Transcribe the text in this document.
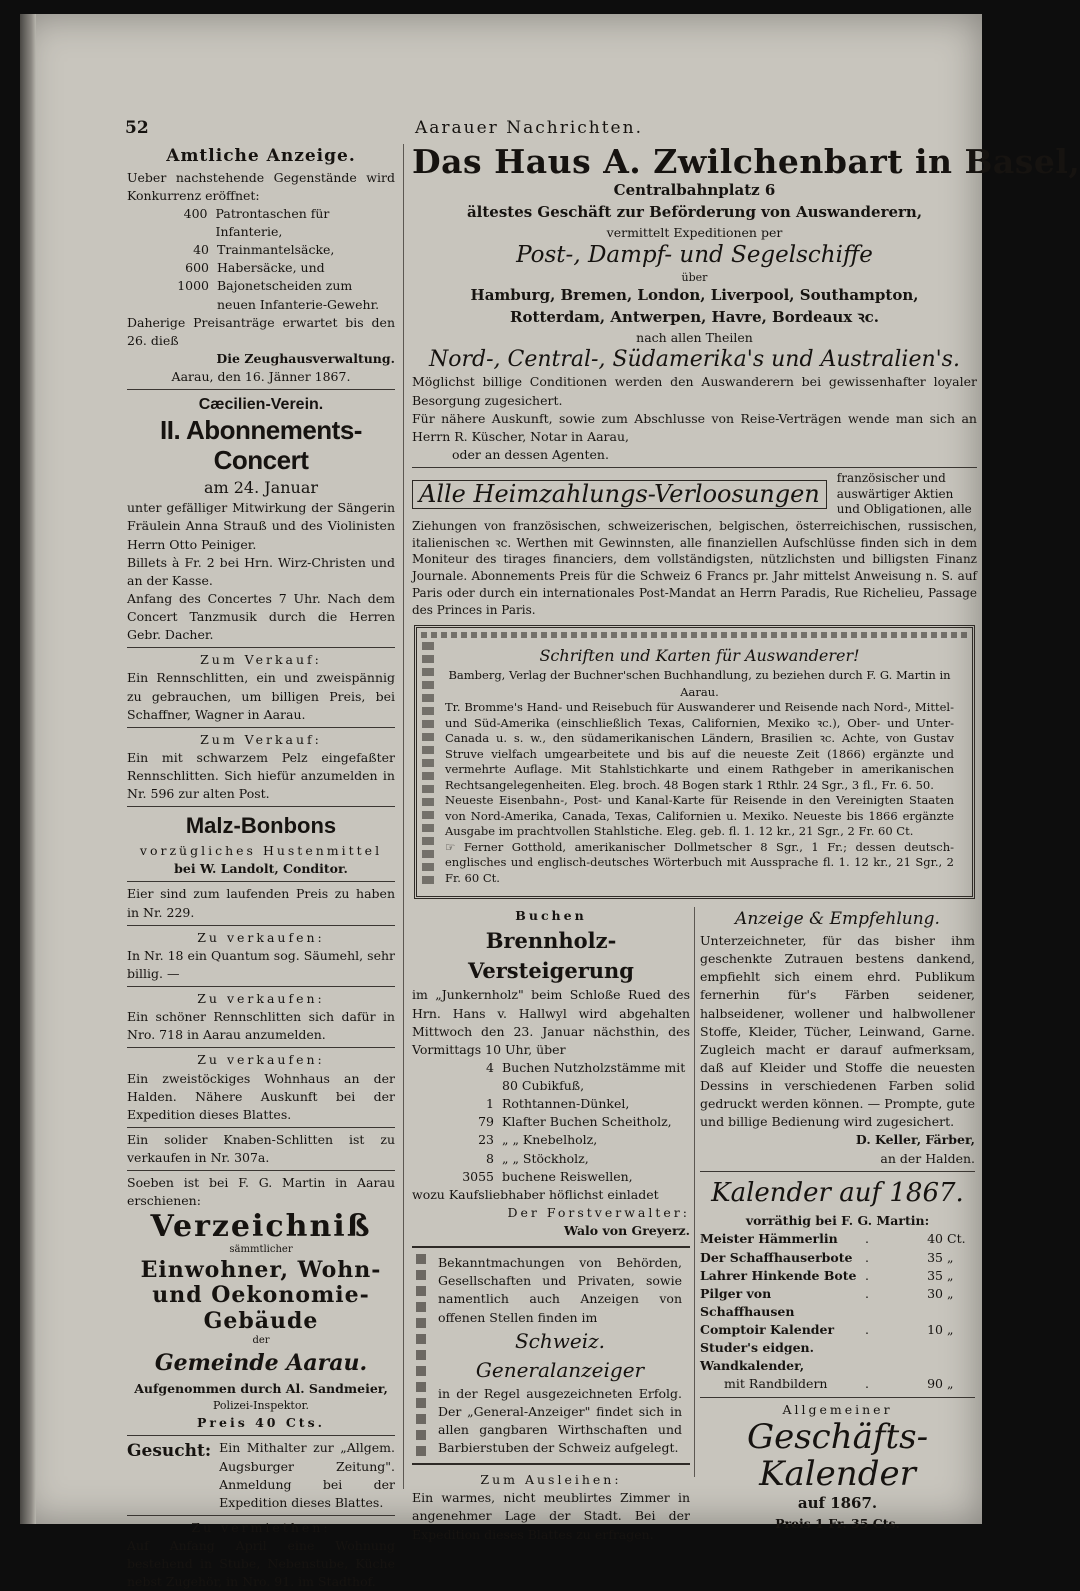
52	Aarauer Nachrichten.
Amtliche Anzeige.
Ueber nachstehende Gegenstände wird Konkurrenz eröffnet:
400 Patrontaschen für Infanterie,
40 Trainmantelsäcke,
600 Habersäcke, und
1000 Bajonetscheiden zum neuen Infanterie-Gewehr.
Daherige Preisanträge erwartet bis den 26. dieß
Die Zeughausverwaltung.
Aarau, den 16. Jänner 1867.
Cæcilien-Verein.
II. Abonnements-Concert
am 24. Januar
unter gefälliger Mitwirkung der Sängerin Fräulein Anna Strauß und des Violinisten Herrn Otto Peiniger.
Billets à Fr. 2 bei Hrn. Wirz-Christen und an der Kasse.
Anfang des Concertes 7 Uhr. Nach dem Concert Tanzmusik durch die Herren Gebr. Dacher.
Zum Verkauf:
Ein Rennschlitten, ein und zweispännig zu gebrauchen, um billigen Preis, bei Schaffner, Wagner in Aarau.
Zum Verkauf:
Ein mit schwarzem Pelz eingefaßter Rennschlitten. Sich hiefür anzumelden in Nr. 596 zur alten Post.
Malz-Bonbons
vorzügliches Hustenmittel
bei W. Landolt, Conditor.
Eier sind zum laufenden Preis zu haben in Nr. 229.
Zu verkaufen:
In Nr. 18 ein Quantum sog. Säumehl, sehr billig. —
Zu verkaufen:
Ein schöner Rennschlitten sich dafür in Nro. 718 in Aarau anzumelden.
Zu verkaufen:
Ein zweistöckiges Wohnhaus an der Halden. Nähere Auskunft bei der Expedition dieses Blattes.
Ein solider Knaben-Schlitten ist zu verkaufen in Nr. 307a.
Soeben ist bei F. G. Martin in Aarau erschienen:
Verzeichniß
sämmtlicher
Einwohner, Wohn- und Oekonomie-Gebäude
der
Gemeinde Aarau.
Aufgenommen durch Al. Sandmeier,
Polizei-Inspektor.
Preis 40 Cts.
Gesucht: Ein Mithalter zur „Allgem. Augsburger Zeitung". Anmeldung bei der Expedition dieses Blattes.
Zu vermiethen:
Auf Anfang April eine Wohnung bestehend in Stube, Nebenstube, Küche nebst Zugehör, in Nro. 91. im Stadthof.
Das Haus A. Zwilchenbart in Basel,
Centralbahnplatz 6
ältestes Geschäft zur Beförderung von Auswanderern,
vermittelt Expeditionen per
Post-, Dampf- und Segelschiffe
über
Hamburg, Bremen, London, Liverpool, Southampton,
Rotterdam, Antwerpen, Havre, Bordeaux ꝛc.
nach allen Theilen
Nord-, Central-, Südamerika's und Australien's.
Möglichst billige Conditionen werden den Auswanderern bei gewissenhafter loyaler Besorgung zugesichert.
Für nähere Auskunft, sowie zum Abschlusse von Reise-Verträgen wende man sich an Herrn R. Küscher, Notar in Aarau,
oder an dessen Agenten.
Alle Heimzahlungs-Verloosungen
französischer und auswärtiger Aktien und Obligationen, alle
Ziehungen von französischen, schweizerischen, belgischen, österreichischen, russischen, italienischen ꝛc. Werthen mit Gewinnsten, alle finanziellen Aufschlüsse finden sich in dem Moniteur des tirages financiers, dem vollständigsten, nützlichsten und billigsten Finanz Journale. Abonnements Preis für die Schweiz 6 Francs pr. Jahr mittelst Anweisung n. S. auf Paris oder durch ein internationales Post-Mandat an Herrn Paradis, Rue Richelieu, Passage des Princes in Paris.
Schriften und Karten für Auswanderer!
Bamberg, Verlag der Buchner'schen Buchhandlung, zu beziehen durch F. G. Martin in Aarau.
Tr. Bromme's Hand- und Reisebuch für Auswanderer und Reisende nach Nord-, Mittel- und Süd-Amerika (einschließlich Texas, Californien, Mexiko ꝛc.), Ober- und Unter-Canada u. s. w., den südamerikanischen Ländern, Brasilien ꝛc. Achte, von Gustav Struve vielfach umgearbeitete und bis auf die neueste Zeit (1866) ergänzte und vermehrte Auflage. Mit Stahlstichkarte und einem Rathgeber in amerikanischen Rechtsangelegenheiten. Eleg. broch. 48 Bogen stark 1 Rthlr. 24 Sgr., 3 fl., Fr. 6. 50.
Neueste Eisenbahn-, Post- und Kanal-Karte für Reisende in den Vereinigten Staaten von Nord-Amerika, Canada, Texas, Californien u. Mexiko. Neueste bis 1866 ergänzte Ausgabe im prachtvollen Stahlstiche. Eleg. geb. fl. 1. 12 kr., 21 Sgr., 2 Fr. 60 Ct.
☞ Ferner Gotthold, amerikanischer Dollmetscher 8 Sgr., 1 Fr.; dessen deutsch-englisches und englisch-deutsches Wörterbuch mit Aussprache fl. 1. 12 kr., 21 Sgr., 2 Fr. 60 Ct.
Buchen
Brennholz-Versteigerung
im „Junkernholz" beim Schloße Rued des Hrn. Hans v. Hallwyl wird abgehalten Mittwoch den 23. Januar nächsthin, des Vormittags 10 Uhr, über
4 Buchen Nutzholzstämme mit 80 Cubikfuß,
1 Rothtannen-Dünkel,
79 Klafter Buchen Scheitholz,
23 „ „ Knebelholz,
8 „ „ Stöckholz,
3055 buchene Reiswellen,
wozu Kaufsliebhaber höflichst einladet
Der Forstverwalter:
Walo von Greyerz.
Bekanntmachungen von Behörden, Gesellschaften und Privaten, sowie namentlich auch Anzeigen von offenen Stellen finden im
Schweiz. Generalanzeiger
in der Regel ausgezeichneten Erfolg. Der „General-Anzeiger" findet sich in allen gangbaren Wirthschaften und Barbierstuben der Schweiz aufgelegt.
Zum Ausleihen:
Ein warmes, nicht meublirtes Zimmer in angenehmer Lage der Stadt. Bei der Expedition dieses Blattes zu erfragen.
Anzeige & Empfehlung.
Unterzeichneter, für das bisher ihm geschenkte Zutrauen bestens dankend, empfiehlt sich einem ehrd. Publikum fernerhin für's Färben seidener, halbseidener, wollener und halbwollener Stoffe, Kleider, Tücher, Leinwand, Garne. Zugleich macht er darauf aufmerksam, daß auf Kleider und Stoffe die neuesten Dessins in verschiedenen Farben solid gedruckt werden können. — Prompte, gute und billige Bedienung wird zugesichert.
D. Keller, Färber,
an der Halden.
Kalender auf 1867.
vorräthig bei F. G. Martin:
Meister Hämmerlin	.	40 Ct.
Der Schaffhauserbote	.	35 „
Lahrer Hinkende Bote .	35 „
Pilger von Schaffhausen
.	30 „
Comptoir Kalender	.	10 „
Studer's eidgen. Wandkalender,
mit Randbildern	.	90 „
Allgemeiner
Geschäfts-Kalender
auf 1867.
Preis 1 Fr. 35 Cts.
